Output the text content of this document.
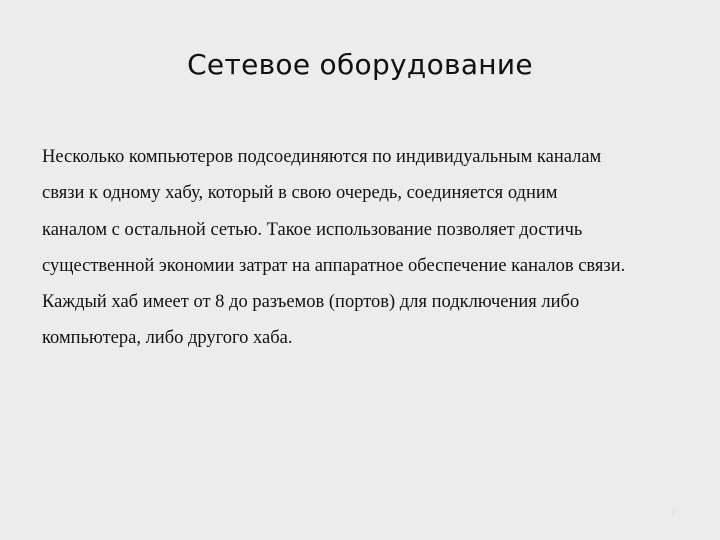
Сетевое оборудование
Несколько компьютеров подсоединяются по индивидуальным каналам
связи к одному хабу, который в свою очередь, соединяется одним
каналом с остальной сетью. Такое использование позволяет достичь
существенной экономии затрат на аппаратное обеспечение каналов связи.
Каждый хаб имеет от 8 до разъемов (портов) для подключения либо
компьютера, либо другого хаба.
7
